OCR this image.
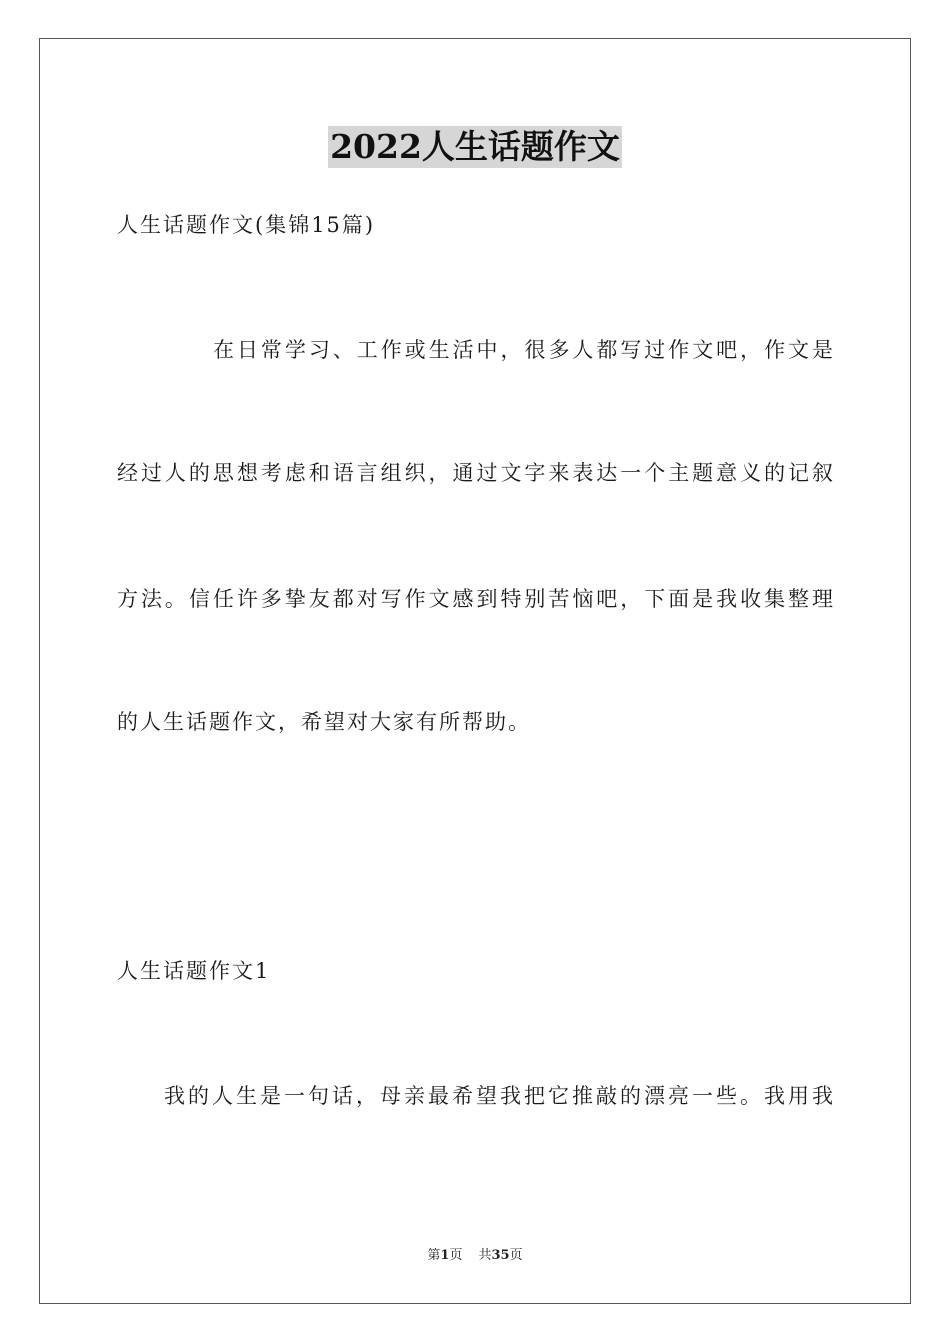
2022人生话题作文
人生话题作文(集锦15篇)
在日常学习、工作或生活中，很多人都写过作文吧，作文是
经过人的思想考虑和语言组织，通过文字来表达一个主题意义的记叙
方法。信任许多挚友都对写作文感到特别苦恼吧，下面是我收集整理
的人生话题作文，希望对大家有所帮助。
人生话题作文1
我的人生是一句话，母亲最希望我把它推敲的漂亮一些。我用我
第1页 共35页
